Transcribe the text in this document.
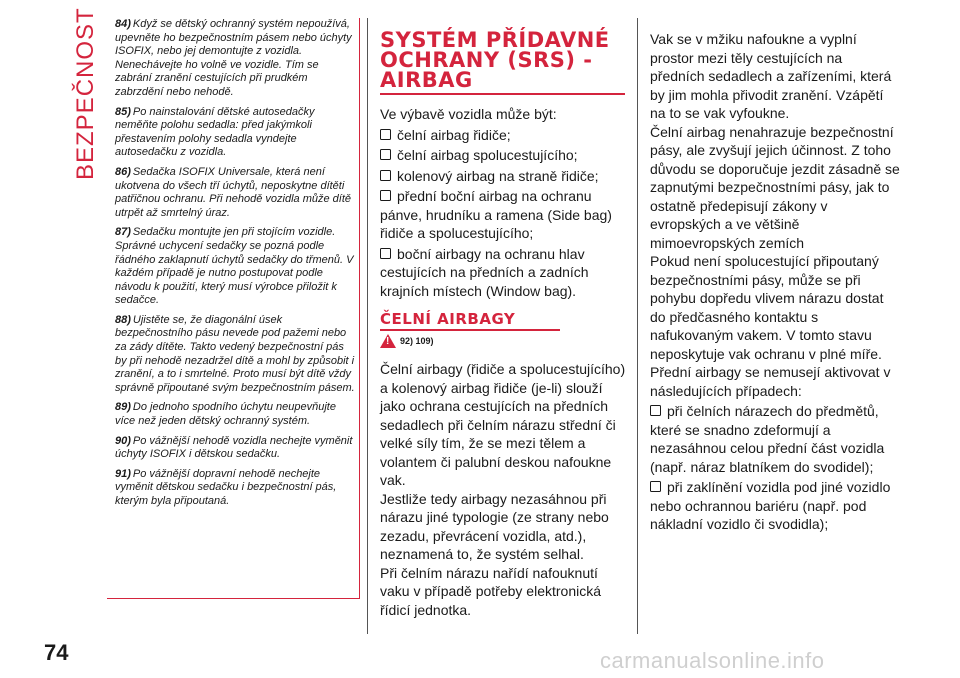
BEZPEČNOST 84) Když se dětský ochranný systém nepoužívá, upevněte ho bezpečnostním pásem nebo úchyty ISOFIX, nebo jej demontujte z vozidla. Nenechávejte ho volně ve vozidle. Tím se zabrání zranění cestujících při prudkém zabrzdění nebo nehodě.

85) Po nainstalování dětské autosedačky neměňte polohu sedadla: před jakýmkoli přestavením polohy sedadla vyndejte autosedačku z vozidla.

86) Sedačka ISOFIX Universale, která není ukotvena do všech tří úchytů, neposkytne dítěti patřičnou ochranu. Při nehodě vozidla může dítě utrpět až smrtelný úraz.

87) Sedačku montujte jen při stojícím vozidle. Správné uchycení sedačky se pozná podle řádného zaklapnutí úchytů sedačky do třmenů. V každém případě je nutno postupovat podle návodu k použití, který musí výrobce přiložit k sedačce.

88) Ujistěte se, že diagonální úsek bezpečnostního pásu nevede pod pažemi nebo za zády dítěte. Takto vedený bezpečnostní pás by při nehodě nezadržel dítě a mohl by způsobit i zranění, a to i smrtelné. Proto musí být dítě vždy správně připoutané svým bezpečnostním pásem.

89) Do jednoho spodního úchytu neupevňujte více než jeden dětský ochranný systém.

90) Po vážnější nehodě vozidla nechejte vyměnit úchyty ISOFIX i dětskou sedačku.

91) Po vážnější dopravní nehodě nechejte vyměnit dětskou sedačku i bezpečnostní pás, kterým byla připoutaná.

SYSTÉM PŘÍDAVNÉ OCHRANY (SRS) - AIRBAG

Ve výbavě vozidla může být:

čelní airbag řidiče;

čelní airbag spolucestujícího;

kolenový airbag na straně řidiče;

přední boční airbag na ochranu pánve, hrudníku a ramena (Side bag) řidiče a spolucestujícího;

boční airbagy na ochranu hlav cestujících na předních a zadních krajních místech (Window bag).

ČELNÍ AIRBAGY
! 92) 109)

Čelní airbagy (řidiče a spolucestujícího) a kolenový airbag řidiče (je-li) slouží jako ochrana cestujících na předních sedadlech při čelním nárazu střední či velké síly tím, že se mezi tělem a volantem či palubní deskou nafoukne vak.

Jestliže tedy airbagy nezasáhnou při nárazu jiné typologie (ze strany nebo zezadu, převrácení vozidla, atd.), neznamená to, že systém selhal.

Při čelním nárazu nařídí nafouknutí vaku v případě potřeby elektronická řídicí jednotka.

Vak se v mžiku nafoukne a vyplní prostor mezi těly cestujících na předních sedadlech a zařízeními, která by jim mohla přivodit zranění. Vzápětí na to se vak vyfoukne.

Čelní airbag nenahrazuje bezpečnostní pásy, ale zvyšují jejich účinnost. Z toho důvodu se doporučuje jezdit zásadně se zapnutými bezpečnostními pásy, jak to ostatně předepisují zákony v evropských a ve většině mimoevropských zemích

Pokud není spolucestující připoutaný bezpečnostními pásy, může se při pohybu dopředu vlivem nárazu dostat do předčasného kontaktu s nafukovaným vakem. V tomto stavu neposkytuje vak ochranu v plné míře.

Přední airbagy se nemusejí aktivovat v následujících případech:

při čelních nárazech do předmětů, které se snadno zdeformují a nezasáhnou celou přední část vozidla (např. náraz blatníkem do svodidel);

při zaklínění vozidla pod jiné vozidlo nebo ochrannou bariéru (např. pod nákladní vozidlo či svodidla);

74	carmanualsonline.info
